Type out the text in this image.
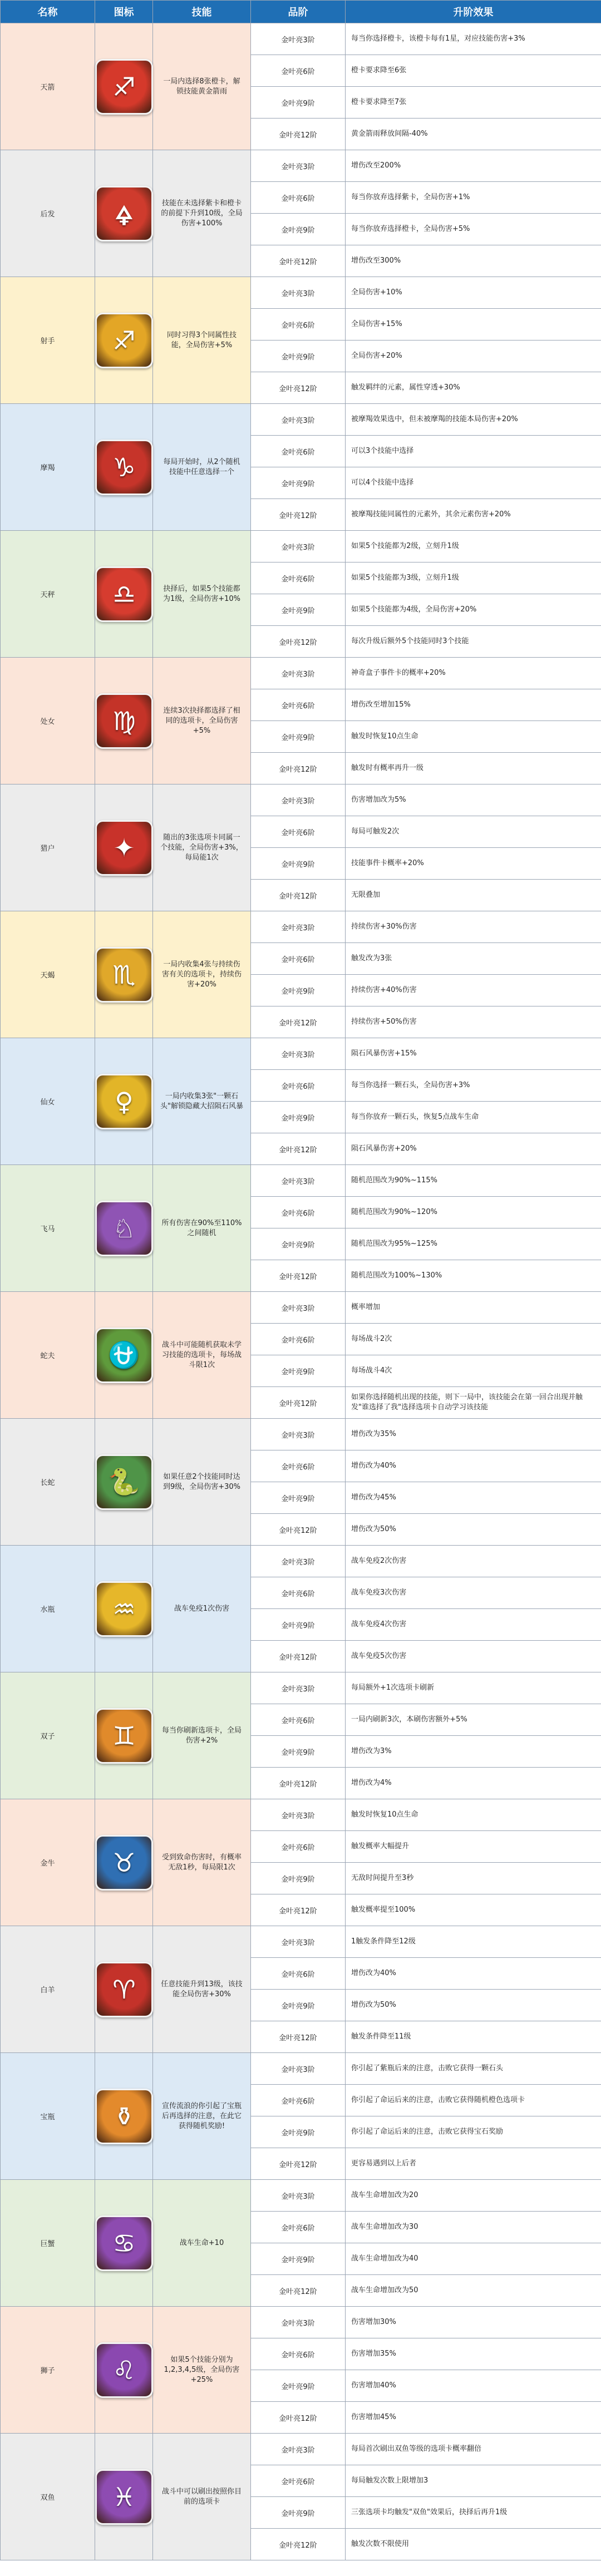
名称	图标	技能	品阶	升阶效果
天箭	♐	一局内选择8张橙卡，解锁技能黄金箭雨	金叶亮3阶	每当你选择橙卡，该橙卡每有1星，对应技能伤害+3%
			金叶亮6阶	橙卡要求降至6张
			金叶亮9阶	橙卡要求降至7张
			金叶亮12阶	黄金箭雨释放间隔-40%
后发	🜍	技能在未选择紫卡和橙卡的前提下升到10级，全局伤害+100%	金叶亮3阶	增伤改至200%
			金叶亮6阶	每当你放弃选择紫卡，全局伤害+1%
			金叶亮9阶	每当你放弃选择橙卡，全局伤害+5%
			金叶亮12阶	增伤改至300%
射手	♐	同时习得3个同属性技能，全局伤害+5%	金叶亮3阶	全局伤害+10%
			金叶亮6阶	全局伤害+15%
			金叶亮9阶	全局伤害+20%
			金叶亮12阶	触发羁绊的元素，属性穿透+30%
摩羯	♑	每局开始时，从2个随机技能中任意选择一个	金叶亮3阶	被摩羯效果选中，但未被摩羯的技能本局伤害+20%
			金叶亮6阶	可以3个技能中选择
			金叶亮9阶	可以4个技能中选择
			金叶亮12阶	被摩羯技能同属性的元素外，其余元素伤害+20%
天秤	♎	抉择后，如果5个技能都为1级，全局伤害+10%	金叶亮3阶	如果5个技能都为2级，立刻升1级
			金叶亮6阶	如果5个技能都为3级，立刻升1级
			金叶亮9阶	如果5个技能都为4级，全局伤害+20%
			金叶亮12阶	每次升级后额外5个技能同时3个技能
处女	♍	连续3次抉择都选择了相同的选项卡，全局伤害+5%	金叶亮3阶	神奇盒子事件卡的概率+20%
			金叶亮6阶	增伤改至增加15%
			金叶亮9阶	触发时恢复10点生命
			金叶亮12阶	触发时有概率再升一级
猎户	✦	随出的3张选项卡同属一个技能，全局伤害+3%，每局能1次	金叶亮3阶	伤害增加改为5%
			金叶亮6阶	每局可触发2次
			金叶亮9阶	技能事件卡概率+20%
			金叶亮12阶	无限叠加
天蝎	♏	一局内收集4张与持续伤害有关的选项卡，持续伤害+20%	金叶亮3阶	持续伤害+30%伤害
			金叶亮6阶	触发改为3张
			金叶亮9阶	持续伤害+40%伤害
			金叶亮12阶	持续伤害+50%伤害
仙女	♀	一局内收集3张"一颗石头"解锁隐藏大招陨石风暴	金叶亮3阶	陨石风暴伤害+15%
			金叶亮6阶	每当你选择一颗石头，全局伤害+3%
			金叶亮9阶	每当你放弃一颗石头，恢复5点战车生命
			金叶亮12阶	陨石风暴伤害+20%
飞马	♘	所有伤害在90%至110%之间随机	金叶亮3阶	随机范围改为90%~115%
			金叶亮6阶	随机范围改为90%~120%
			金叶亮9阶	随机范围改为95%~125%
			金叶亮12阶	随机范围改为100%~130%
蛇夫	⛎	战斗中可能随机获取未学习技能的选项卡，每场战斗限1次	金叶亮3阶	概率增加
			金叶亮6阶	每场战斗2次
			金叶亮9阶	每场战斗4次
			金叶亮12阶	如果你选择随机出现的技能，则下一局中，该技能会在第一回合出现并触发"谁选择了我"选择选项卡自动学习该技能
长蛇	🐍	如果任意2个技能同时达到9级，全局伤害+30%	金叶亮3阶	增伤改为35%
			金叶亮6阶	增伤改为40%
			金叶亮9阶	增伤改为45%
			金叶亮12阶	增伤改为50%
水瓶	♒	战车免疫1次伤害	金叶亮3阶	战车免疫2次伤害
			金叶亮6阶	战车免疫3次伤害
			金叶亮9阶	战车免疫4次伤害
			金叶亮12阶	战车免疫5次伤害
双子	♊	每当你刷新选项卡，全局伤害+2%	金叶亮3阶	每局额外+1次选项卡刷新
			金叶亮6阶	一局内刷新3次，本刷伤害额外+5%
			金叶亮9阶	增伤改为3%
			金叶亮12阶	增伤改为4%
金牛	♉	受到致命伤害时，有概率无敌1秒，每局限1次	金叶亮3阶	触发时恢复10点生命
			金叶亮6阶	触发概率大幅提升
			金叶亮9阶	无敌时间提升至3秒
			金叶亮12阶	触发概率提至100%
白羊	♈	任意技能升到13级，该技能全局伤害+30%	金叶亮3阶	1触发条件降至12级
			金叶亮6阶	增伤改为40%
			金叶亮9阶	增伤改为50%
			金叶亮12阶	触发条件降至11级
宝瓶	⚱	宣传流浪的你引起了宝瓶后再选择的注意，在此它获得随机奖励!	金叶亮3阶	你引起了紫瓶后来的注意，击败它获得一颗石头
			金叶亮6阶	你引起了命运后来的注意，击败它获得随机橙色选项卡
			金叶亮9阶	你引起了命运后来的注意，击败它获得宝石奖励
			金叶亮12阶	更容易遇到以上后者
巨蟹	♋	战车生命+10	金叶亮3阶	战车生命增加改为20
			金叶亮6阶	战车生命增加改为30
			金叶亮9阶	战车生命增加改为40
			金叶亮12阶	战车生命增加改为50
狮子	♌	如果5个技能分别为1,2,3,4,5级，全局伤害+25%	金叶亮3阶	伤害增加30%
			金叶亮6阶	伤害增加35%
			金叶亮9阶	伤害增加40%
			金叶亮12阶	伤害增加45%
双鱼	♓	战斗中可以刷出按照你目前的选项卡	金叶亮3阶	每局首次刷出双鱼等级的选项卡概率翻倍
			金叶亮6阶	每局触发次数上限增加3
			金叶亮9阶	三张选项卡均触发"双鱼"效果后，抉择后再升1级
			金叶亮12阶	触发次数不限使用
